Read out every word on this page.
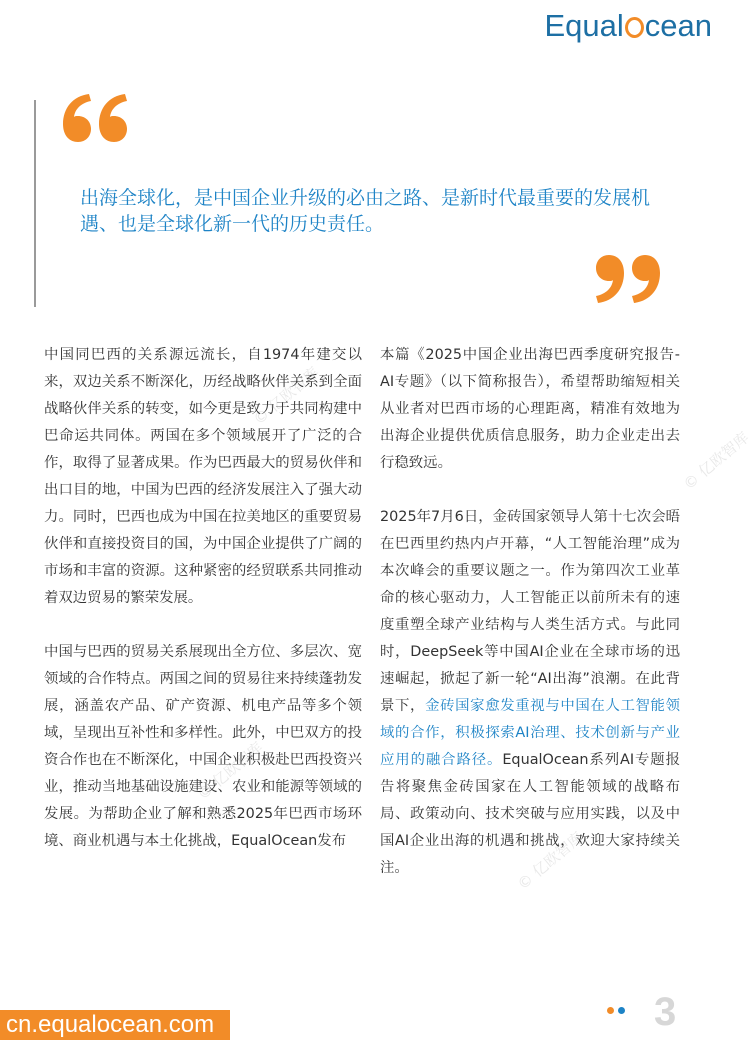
Equal cean

出海全球化，是中国企业升级的必由之路、是新时代最重要的发展机遇、也是全球化新一代的历史责任。

© 亿欧智库
© 亿欧智库
© 亿欧智库
© 亿欧智库

中国同巴西的关系源远流长，自1974年建交以来，双边关系不断深化，历经战略伙伴关系到全面战略伙伴关系的转变，如今更是致力于共同构建中巴命运共同体。两国在多个领域展开了广泛的合作，取得了显著成果。作为巴西最大的贸易伙伴和出口目的地，中国为巴西的经济发展注入了强大动力。同时，巴西也成为中国在拉美地区的重要贸易伙伴和直接投资目的国，为中国企业提供了广阔的市场和丰富的资源。这种紧密的经贸联系共同推动着双边贸易的繁荣发展。

中国与巴西的贸易关系展现出全方位、多层次、宽领域的合作特点。两国之间的贸易往来持续蓬勃发展，涵盖农产品、矿产资源、机电产品等多个领域，呈现出互补性和多样性。此外，中巴双方的投资合作也在不断深化，中国企业积极赴巴西投资兴业，推动当地基础设施建设、农业和能源等领域的发展。为帮助企业了解和熟悉2025年巴西市场环境、商业机遇与本土化挑战，EqualOcean发布

本篇《2025中国企业出海巴西季度研究报告-AI专题》（以下简称报告），希望帮助缩短相关从业者对巴西市场的心理距离，精准有效地为出海企业提供优质信息服务，助力企业走出去行稳致远。

2025年7月6日，金砖国家领导人第十七次会晤在巴西里约热内卢开幕，“人工智能治理”成为本次峰会的重要议题之一。作为第四次工业革命的核心驱动力，人工智能正以前所未有的速度重塑全球产业结构与人类生活方式。与此同时，DeepSeek等中国AI企业在全球市场的迅速崛起，掀起了新一轮“AI出海”浪潮。在此背景下，金砖国家愈发重视与中国在人工智能领域的合作，积极探索AI治理、技术创新与产业应用的融合路径。EqualOcean系列AI专题报告将聚焦金砖国家在人工智能领域的战略布局、政策动向、技术突破与应用实践，以及中国AI企业出海的机遇和挑战，欢迎大家持续关注。

cn.equalocean.com	3
